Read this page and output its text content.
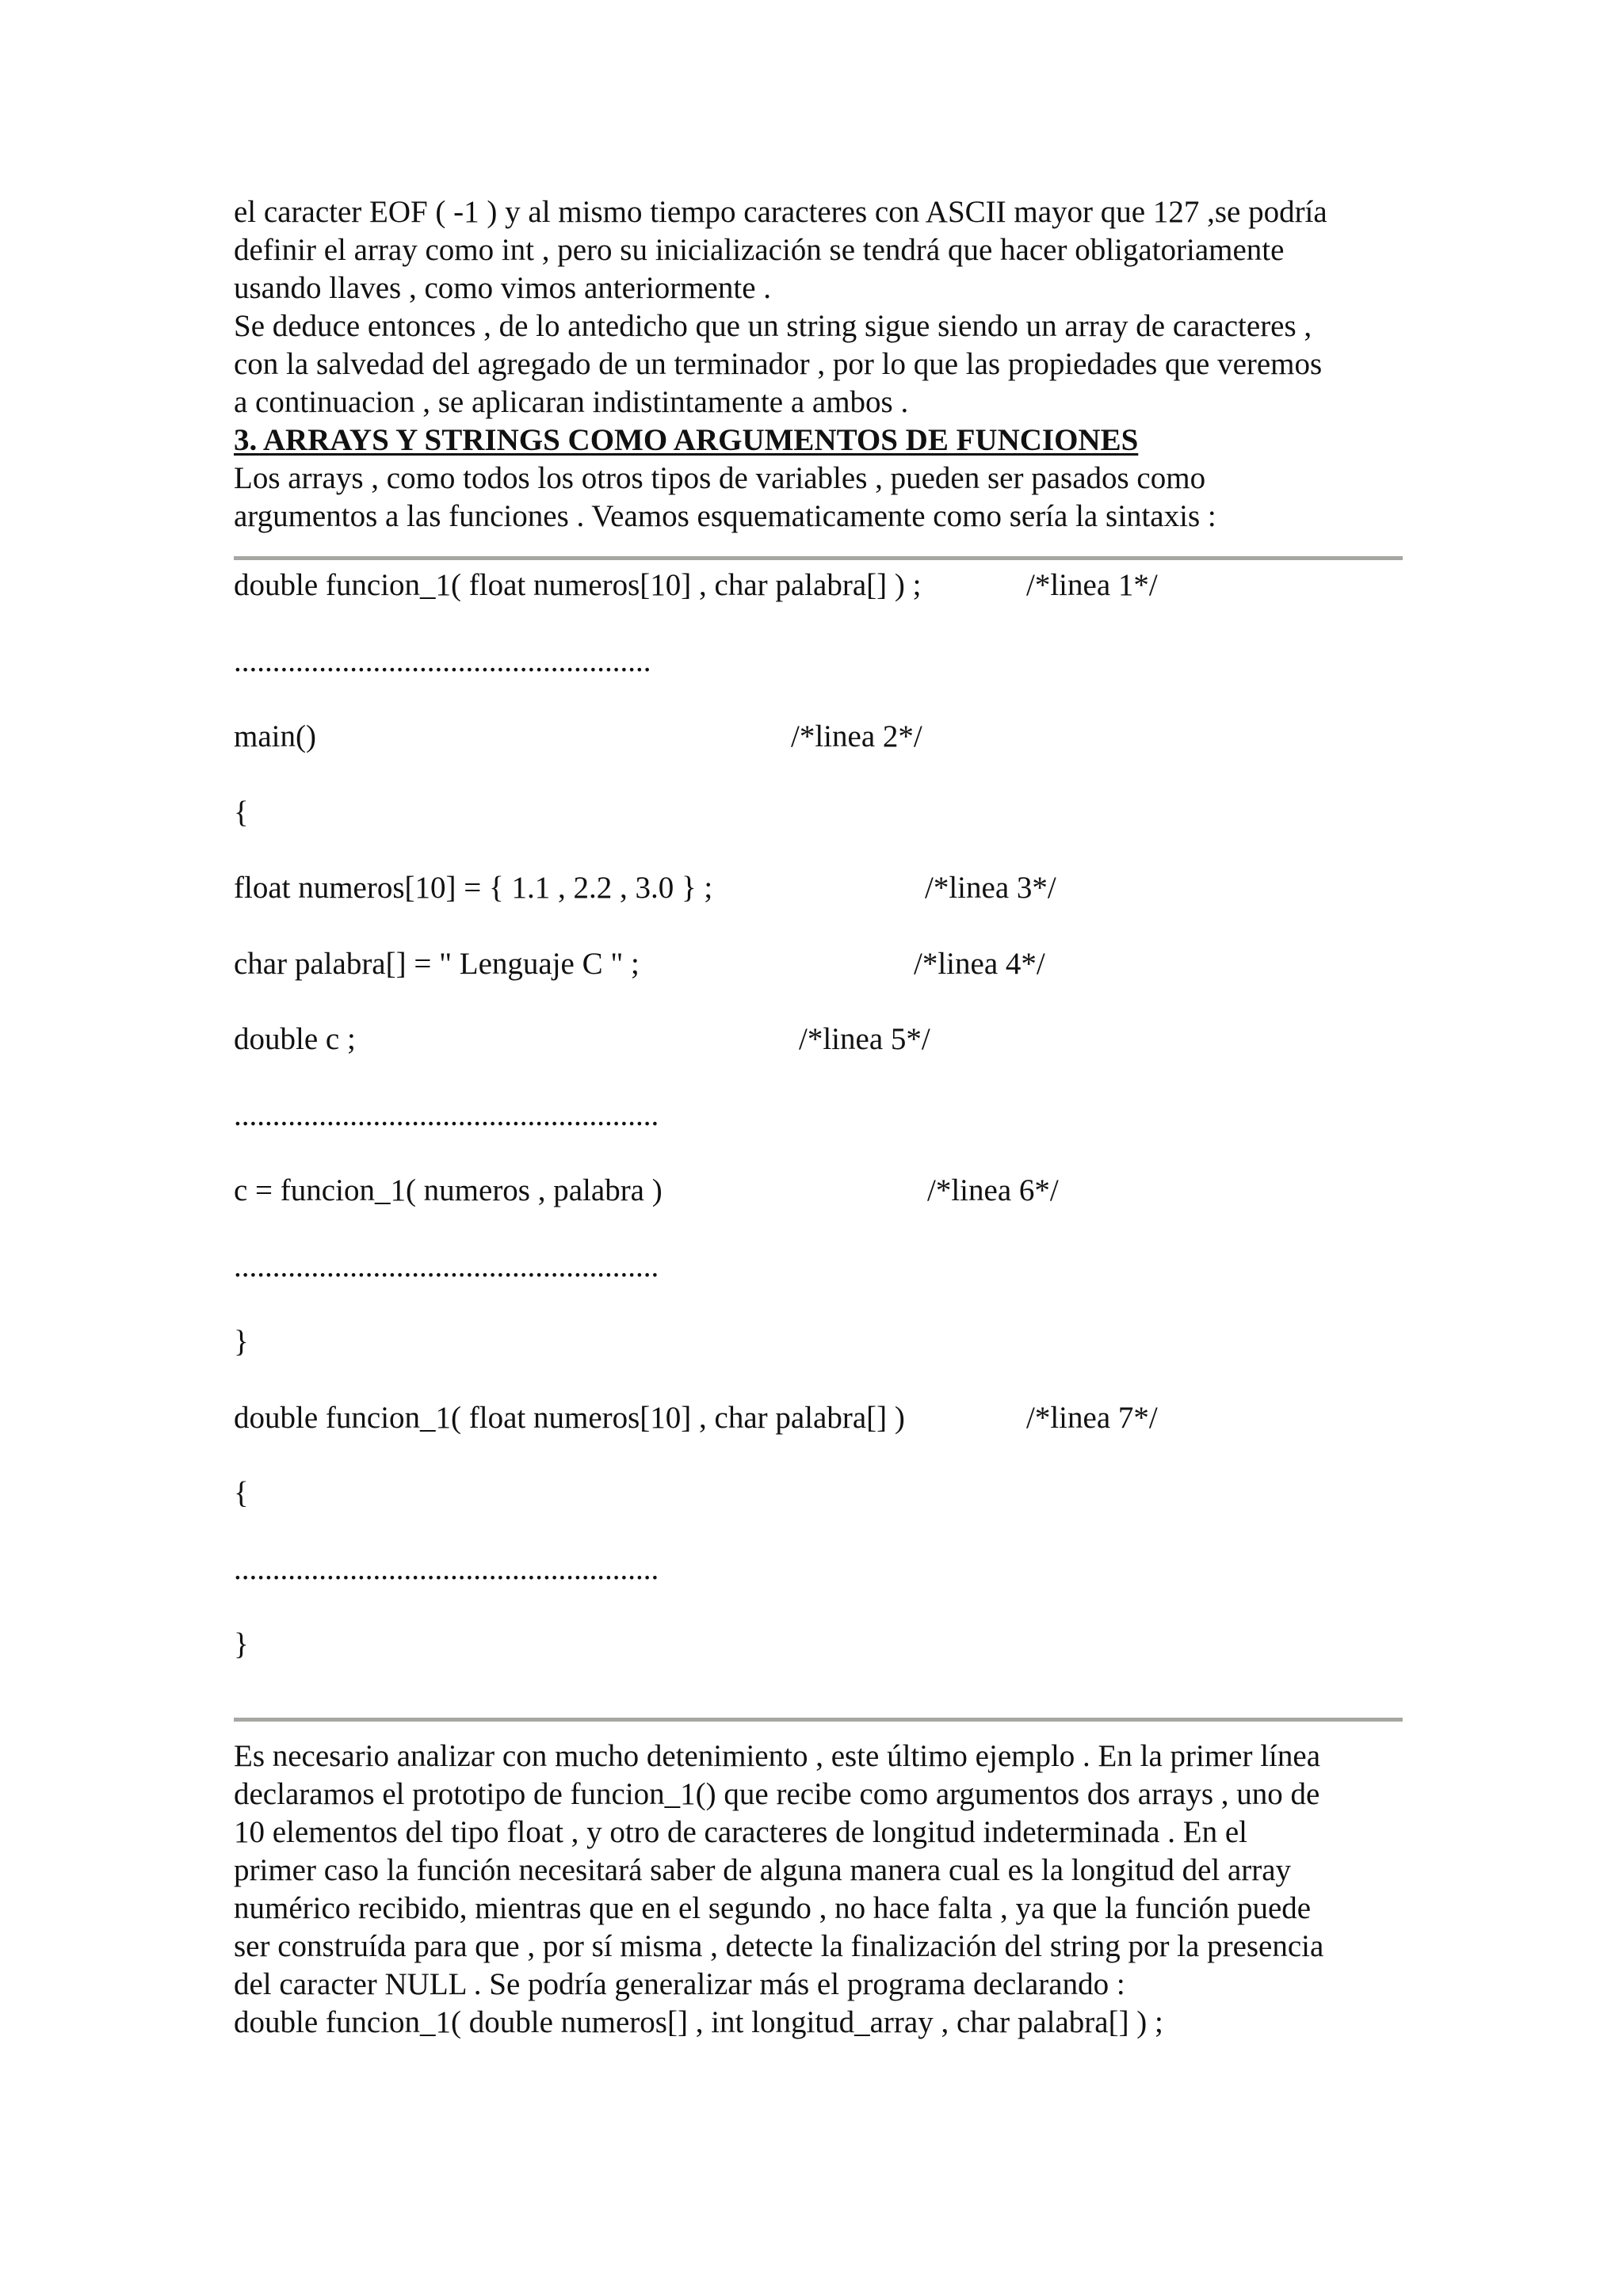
el caracter EOF ( -1 ) y al mismo tiempo caracteres con ASCII mayor que 127 ,se podría

definir el array como int , pero su inicialización se tendrá que hacer obligatoriamente

usando llaves , como vimos anteriormente .

Se deduce entonces , de lo antedicho que un string sigue siendo un array de caracteres ,

con la salvedad del agregado de un terminador , por lo que las propiedades que veremos

a continuacion , se aplicaran indistintamente a ambos .

3. ARRAYS Y STRINGS COMO ARGUMENTOS DE FUNCIONES

Los arrays , como todos los otros tipos de variables , pueden ser pasados como

argumentos a las funciones . Veamos esquematicamente como sería la sintaxis :

double funcion_1( float numeros[10] , char palabra[] ) ;	/*linea 1*/
......................................................
main()	/*linea 2*/
{
float numeros[10] = { 1.1 , 2.2 , 3.0 } ;	/*linea 3*/
char palabra[] = " Lenguaje C " ;	/*linea 4*/
double c ;	/*linea 5*/
.......................................................
c = funcion_1( numeros , palabra )	/*linea 6*/
.......................................................
}
double funcion_1( float numeros[10] , char palabra[] )	/*linea 7*/
{
.......................................................
}

Es necesario analizar con mucho detenimiento , este último ejemplo . En la primer línea

declaramos el prototipo de funcion_1() que recibe como argumentos dos arrays , uno de

10 elementos del tipo float , y otro de caracteres de longitud indeterminada . En el

primer caso la función necesitará saber de alguna manera cual es la longitud del array

numérico recibido, mientras que en el segundo , no hace falta , ya que la función puede

ser construída para que , por sí misma , detecte la finalización del string por la presencia

del caracter NULL . Se podría generalizar más el programa declarando :

double funcion_1( double numeros[] , int longitud_array , char palabra[] ) ;
